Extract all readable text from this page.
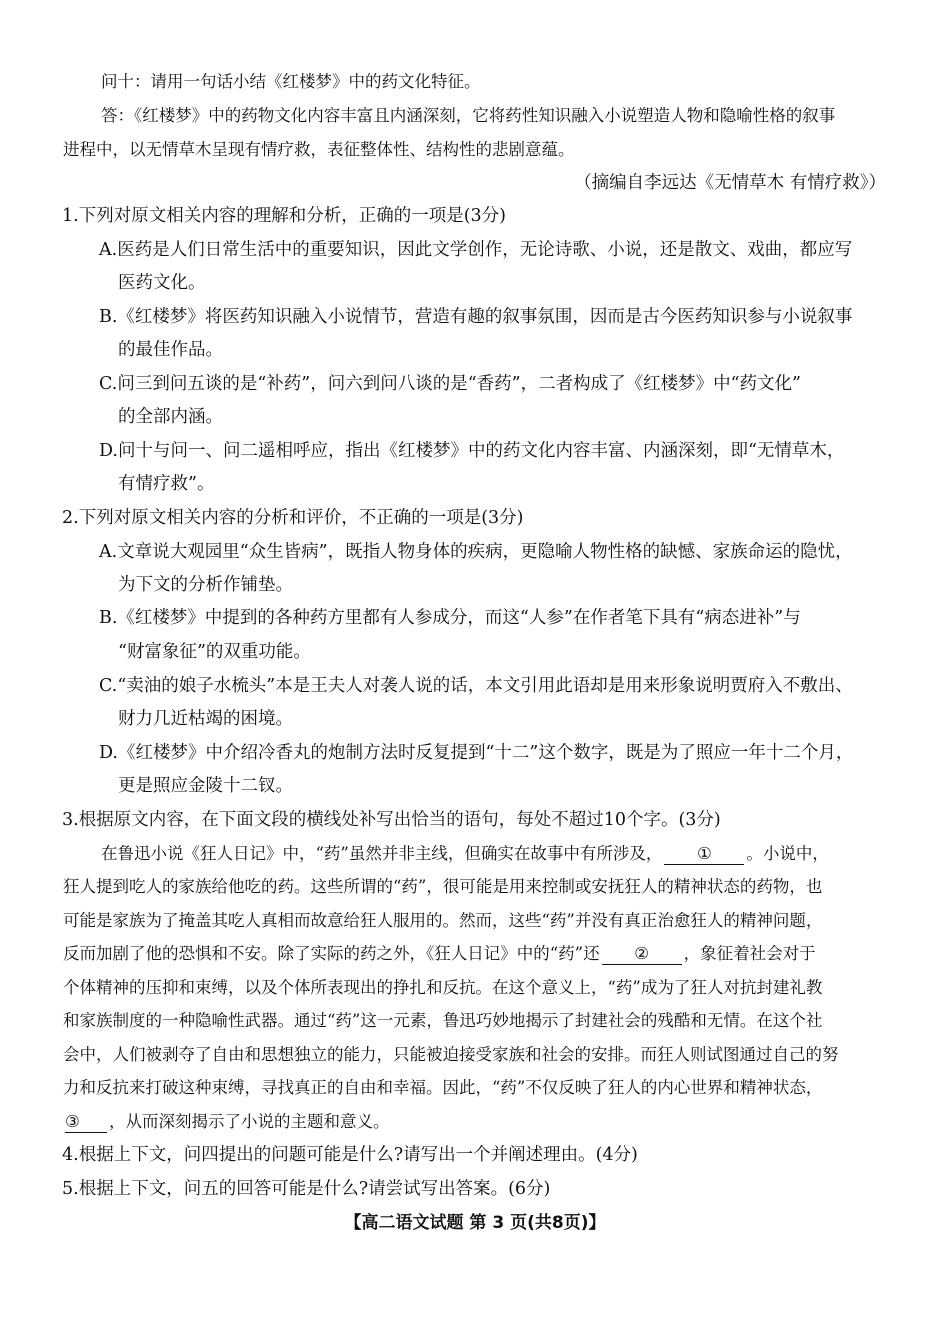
问十：请用一句话小结《红楼梦》中的药文化特征。
答：《红楼梦》中的药物文化内容丰富且内涵深刻，它将药性知识融入小说塑造人物和隐喻性格的叙事
进程中，以无情草木呈现有情疗救，表征整体性、结构性的悲剧意蕴。
（摘编自李远达《无情草木 有情疗救》）
1.下列对原文相关内容的理解和分析，正确的一项是(3分)
A.医药是人们日常生活中的重要知识，因此文学创作，无论诗歌、小说，还是散文、戏曲，都应写
医药文化。
B.《红楼梦》将医药知识融入小说情节，营造有趣的叙事氛围，因而是古今医药知识参与小说叙事
的最佳作品。
C.问三到问五谈的是“补药”，问六到问八谈的是“香药”，二者构成了《红楼梦》中“药文化”
的全部内涵。
D.问十与问一、问二遥相呼应，指出《红楼梦》中的药文化内容丰富、内涵深刻，即“无情草木，
有情疗救”。
2.下列对原文相关内容的分析和评价，不正确的一项是(3分)
A.文章说大观园里“众生皆病”，既指人物身体的疾病，更隐喻人物性格的缺憾、家族命运的隐忧，
为下文的分析作铺垫。
B.《红楼梦》中提到的各种药方里都有人参成分，而这“人参”在作者笔下具有“病态进补”与
“财富象征”的双重功能。
C.“卖油的娘子水梳头”本是王夫人对袭人说的话，本文引用此语却是用来形象说明贾府入不敷出、
财力几近枯竭的困境。
D.《红楼梦》中介绍冷香丸的炮制方法时反复提到“十二”这个数字，既是为了照应一年十二个月，
更是照应金陵十二钗。
3.根据原文内容，在下面文段的横线处补写出恰当的语句，每处不超过10个字。(3分)
在鲁迅小说《狂人日记》中，“药”虽然并非主线，但确实在故事中有所涉及， ① 。小说中，
狂人提到吃人的家族给他吃的药。这些所谓的“药”，很可能是用来控制或安抚狂人的精神状态的药物，也
可能是家族为了掩盖其吃人真相而故意给狂人服用的。然而，这些“药”并没有真正治愈狂人的精神问题，
反而加剧了他的恐惧和不安。除了实际的药之外，《狂人日记》中的“药”还 ② ，象征着社会对于
个体精神的压抑和束缚，以及个体所表现出的挣扎和反抗。在这个意义上，“药”成为了狂人对抗封建礼教
和家族制度的一种隐喻性武器。通过“药”这一元素，鲁迅巧妙地揭示了封建社会的残酷和无情。在这个社
会中，人们被剥夺了自由和思想独立的能力，只能被迫接受家族和社会的安排。而狂人则试图通过自己的努
力和反抗来打破这种束缚，寻找真正的自由和幸福。因此，“药”不仅反映了狂人的内心世界和精神状态，
③ ，从而深刻揭示了小说的主题和意义。
4.根据上下文，问四提出的问题可能是什么?请写出一个并阐述理由。(4分)
5.根据上下文，问五的回答可能是什么?请尝试写出答案。(6分)
【高二语文试题 第 3 页(共8页)】
